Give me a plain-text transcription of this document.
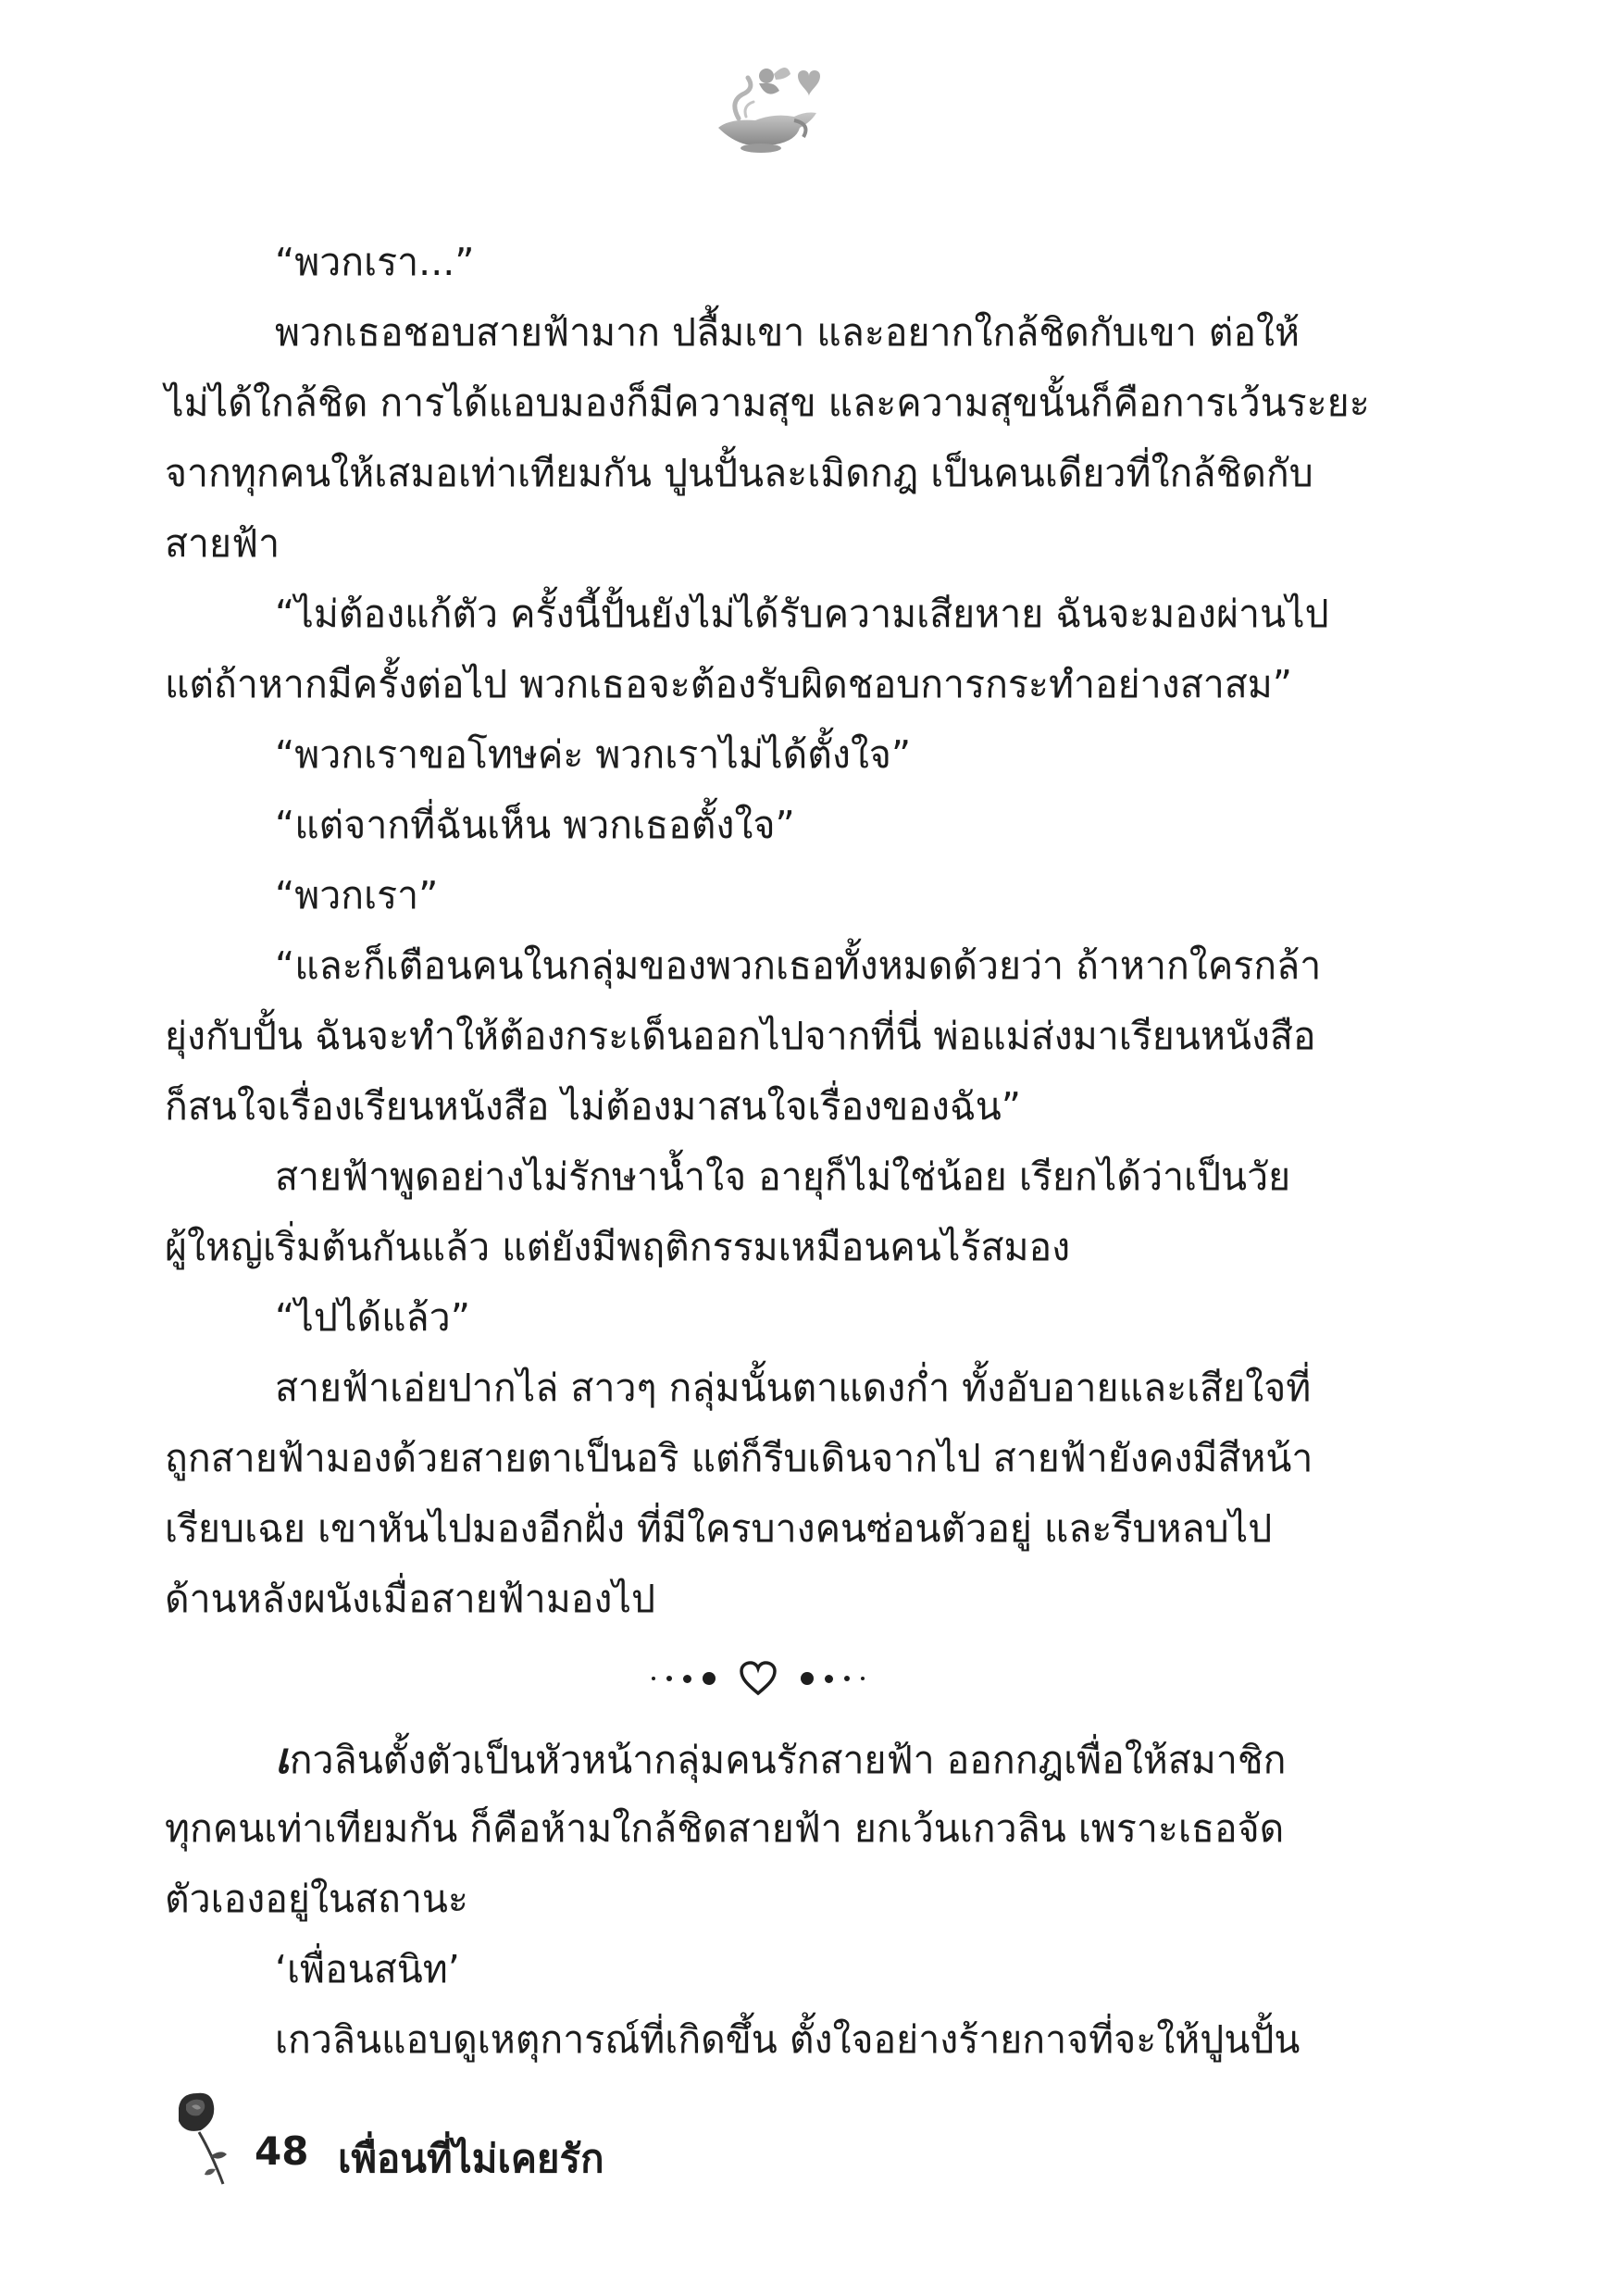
“พวกเรา...”
พวกเธอชอบสายฟ้ามาก ปลื้มเขา และอยากใกล้ชิดกับเขา ต่อให้
ไม่ได้ใกล้ชิด การได้แอบมองก็มีความสุข และความสุขนั้นก็คือการเว้นระยะ
จากทุกคนให้เสมอเท่าเทียมกัน ปูนปั้นละเมิดกฎ เป็นคนเดียวที่ใกล้ชิดกับ
สายฟ้า
“ไม่ต้องแก้ตัว ครั้งนี้ปั้นยังไม่ได้รับความเสียหาย ฉันจะมองผ่านไป
แต่ถ้าหากมีครั้งต่อไป พวกเธอจะต้องรับผิดชอบการกระทำอย่างสาสม”
“พวกเราขอโทษค่ะ พวกเราไม่ได้ตั้งใจ”
“แต่จากที่ฉันเห็น พวกเธอตั้งใจ”
“พวกเรา”
“และก็เตือนคนในกลุ่มของพวกเธอทั้งหมดด้วยว่า ถ้าหากใครกล้า
ยุ่งกับปั้น ฉันจะทำให้ต้องกระเด็นออกไปจากที่นี่ พ่อแม่ส่งมาเรียนหนังสือ
ก็สนใจเรื่องเรียนหนังสือ ไม่ต้องมาสนใจเรื่องของฉัน”
สายฟ้าพูดอย่างไม่รักษาน้ำใจ อายุก็ไม่ใช่น้อย เรียกได้ว่าเป็นวัย
ผู้ใหญ่เริ่มต้นกันแล้ว แต่ยังมีพฤติกรรมเหมือนคนไร้สมอง
“ไปได้แล้ว”
สายฟ้าเอ่ยปากไล่ สาวๆ กลุ่มนั้นตาแดงก่ำ ทั้งอับอายและเสียใจที่
ถูกสายฟ้ามองด้วยสายตาเป็นอริ แต่ก็รีบเดินจากไป สายฟ้ายังคงมีสีหน้า
เรียบเฉย เขาหันไปมองอีกฝั่ง ที่มีใครบางคนซ่อนตัวอยู่ และรีบหลบไป
ด้านหลังผนังเมื่อสายฟ้ามองไป
เกวลินตั้งตัวเป็นหัวหน้ากลุ่มคนรักสายฟ้า ออกกฎเพื่อให้สมาชิก
ทุกคนเท่าเทียมกัน ก็คือห้ามใกล้ชิดสายฟ้า ยกเว้นเกวลิน เพราะเธอจัด
ตัวเองอยู่ในสถานะ
‘เพื่อนสนิท’
เกวลินแอบดูเหตุการณ์ที่เกิดขึ้น ตั้งใจอย่างร้ายกาจที่จะให้ปูนปั้น
48 เพื่อนที่ไม่เคยรัก
